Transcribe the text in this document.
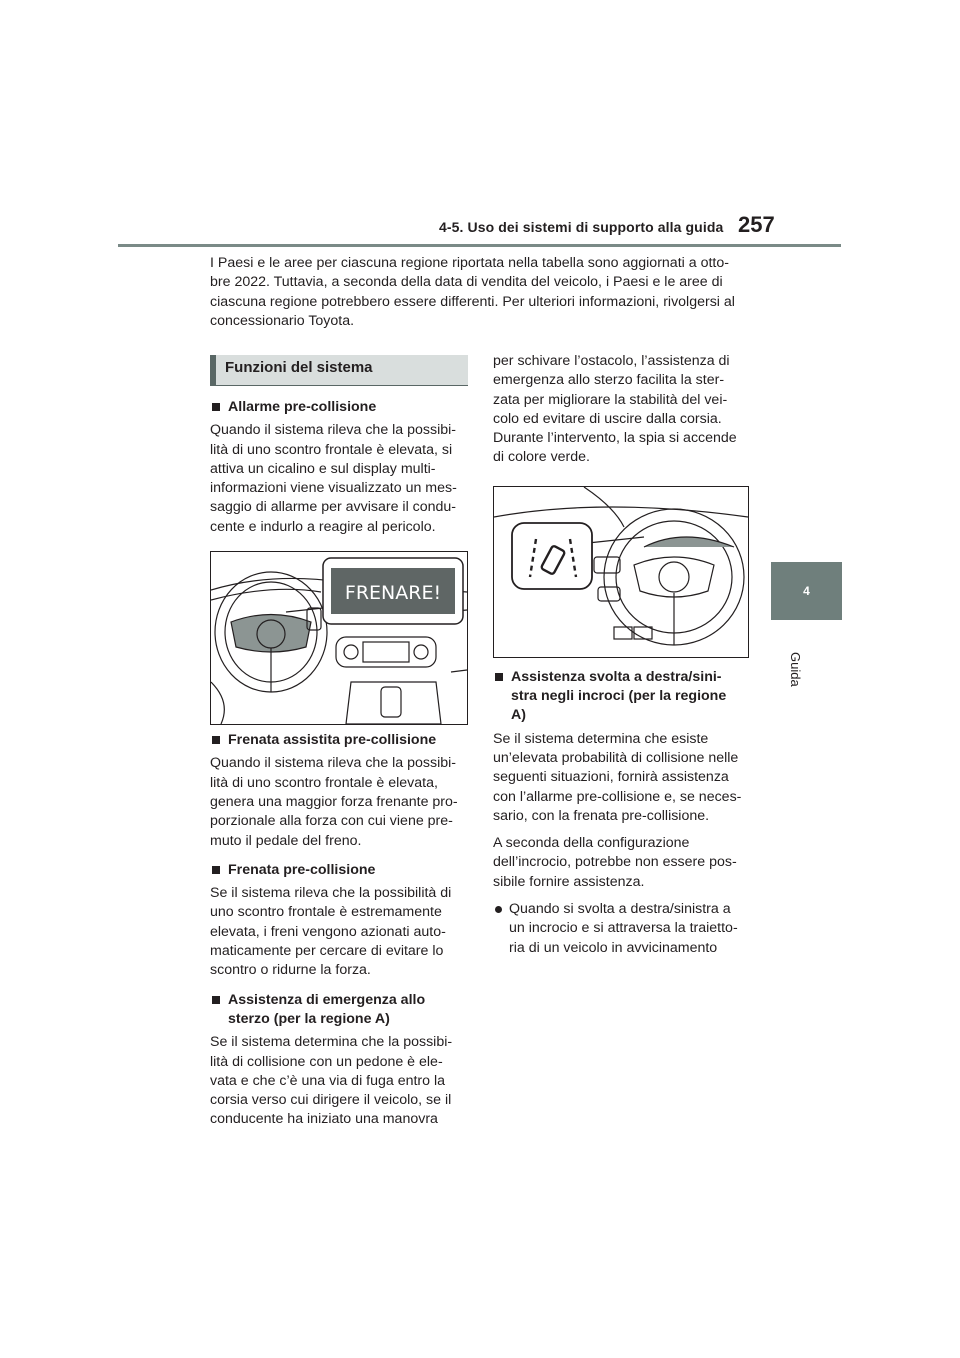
4-5. Uso dei sistemi di supporto alla guida 257
4
Guida
I Paesi e le aree per ciascuna regione riportata nella tabella sono aggiornati a otto-
bre 2022. Tuttavia, a seconda della data di vendita del veicolo, i Paesi e le aree di
ciascuna regione potrebbero essere differenti. Per ulteriori informazioni, rivolgersi al
concessionario Toyota.
Funzioni del sistema
Allarme pre-collisione
Quando il sistema rileva che la possibi-
lità di uno scontro frontale è elevata, si
attiva un cicalino e sul display multi-
informazioni viene visualizzato un mes-
saggio di allarme per avvisare il condu-
cente e indurlo a reagire al pericolo.
FRENARE!
Frenata assistita pre-collisione
Quando il sistema rileva che la possibi-
lità di uno scontro frontale è elevata,
genera una maggior forza frenante pro-
porzionale alla forza con cui viene pre-
muto il pedale del freno.
Frenata pre-collisione
Se il sistema rileva che la possibilità di
uno scontro frontale è estremamente
elevata, i freni vengono azionati auto-
maticamente per cercare di evitare lo
scontro o ridurne la forza.
Assistenza di emergenza allo
sterzo (per la regione A)
Se il sistema determina che la possibi-
lità di collisione con un pedone è ele-
vata e che c’è una via di fuga entro la
corsia verso cui dirigere il veicolo, se il
conducente ha iniziato una manovra
per schivare l’ostacolo, l’assistenza di
emergenza allo sterzo facilita la ster-
zata per migliorare la stabilità del vei-
colo ed evitare di uscire dalla corsia.
Durante l’intervento, la spia si accende
di colore verde.
Assistenza svolta a destra/sini-
stra negli incroci (per la regione
A)
Se il sistema determina che esiste
un’elevata probabilità di collisione nelle
seguenti situazioni, fornirà assistenza
con l’allarme pre-collisione e, se neces-
sario, con la frenata pre-collisione.
A seconda della configurazione
dell’incrocio, potrebbe non essere pos-
sibile fornire assistenza.
Quando si svolta a destra/sinistra a
un incrocio e si attraversa la traietto-
ria di un veicolo in avvicinamento
